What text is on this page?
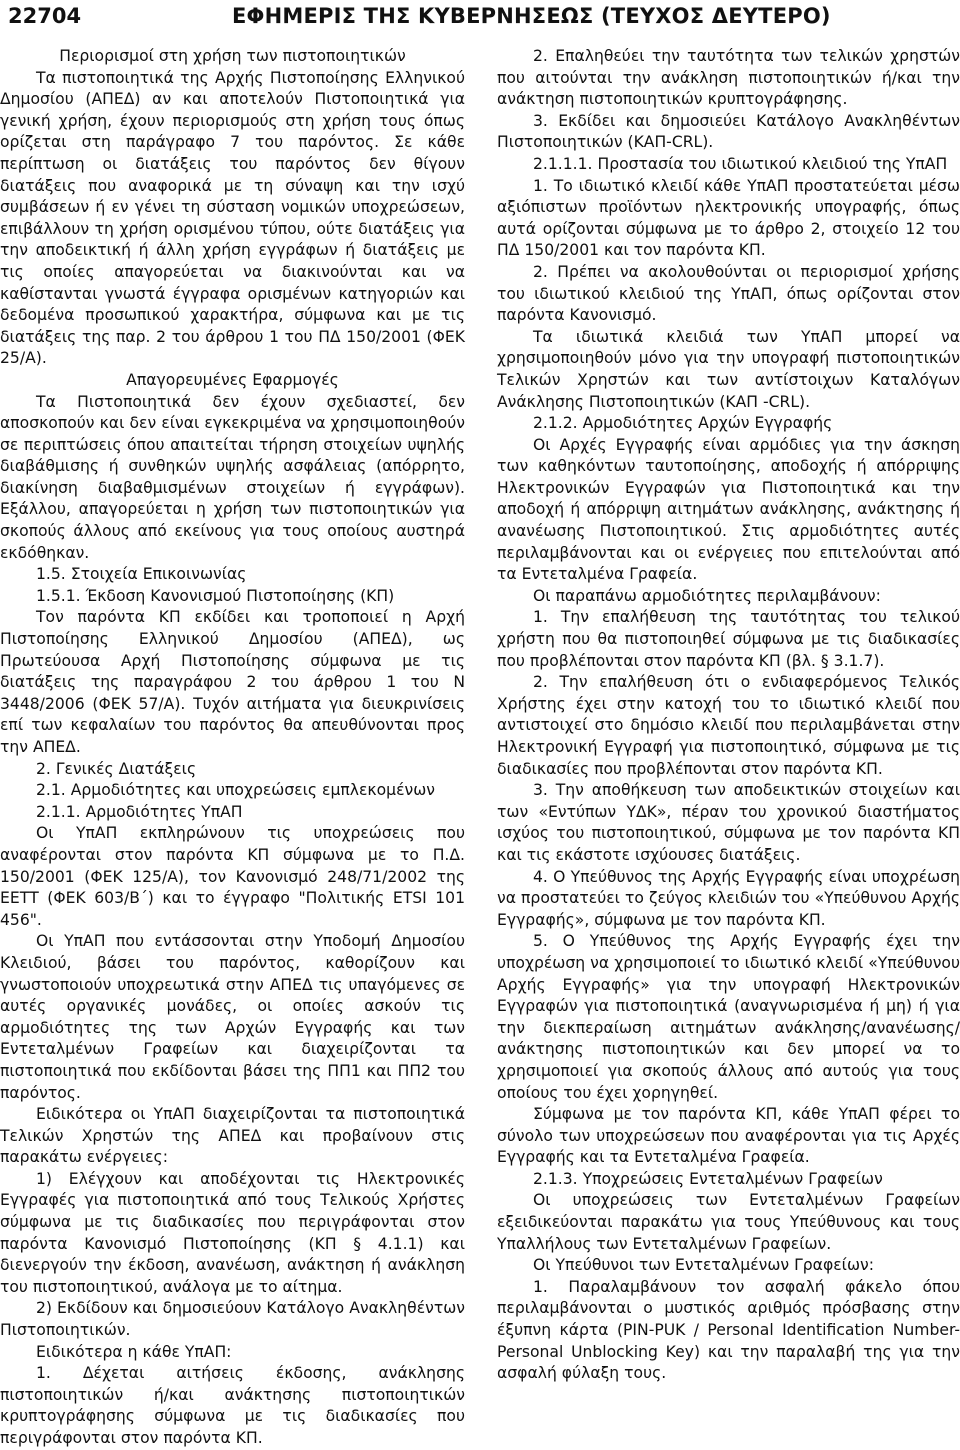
22704	ΕΦΗΜΕΡΙΣ ΤΗΣ ΚΥΒΕΡΝΗΣΕΩΣ (ΤΕΥΧΟΣ ΔΕΥΤΕΡΟ)

Περιορισμοί στη χρήση των πιστοποιητικών

Τα πιστοποιητικά της Αρχής Πιστοποίησης Ελληνικού Δημοσίου (ΑΠΕΔ) αν και αποτελούν Πιστοποιητικά για γενική χρήση, έχουν περιορισμούς στη χρήση τους όπως ορίζεται στη παράγραφο 7 του παρόντος. Σε κάθε περίπτωση οι διατάξεις του παρόντος δεν θίγουν διατάξεις που αναφορικά με τη σύναψη και την ισχύ συμβάσεων ή εν γένει τη σύσταση νομικών υποχρεώσεων, επιβάλλουν τη χρήση ορισμένου τύπου, ούτε διατάξεις για την αποδεικτική ή άλλη χρήση εγγράφων ή διατάξεις με τις οποίες απαγορεύεται να διακινούνται και να καθίστανται γνωστά έγγραφα ορισμένων κατηγοριών και δεδομένα προσωπικού χαρακτήρα, σύμφωνα και με τις διατάξεις της παρ. 2 του άρθρου 1 του ΠΔ 150/2001 (ΦΕΚ 25/Α).

Απαγορευμένες Εφαρμογές

Τα Πιστοποιητικά δεν έχουν σχεδιαστεί, δεν αποσκοπούν και δεν είναι εγκεκριμένα να χρησιμοποιηθούν σε περιπτώσεις όπου απαιτείται τήρηση στοιχείων υψηλής διαβάθμισης ή συνθηκών υψηλής ασφάλειας (απόρρητο, διακίνηση διαβαθμισμένων στοιχείων ή εγγράφων). Εξάλλου, απαγορεύεται η χρήση των πιστοποιητικών για σκοπούς άλλους από εκείνους για τους οποίους αυστηρά εκδόθηκαν.

1.5. Στοιχεία Επικοινωνίας

1.5.1. Έκδοση Κανονισμού Πιστοποίησης (ΚΠ)

Τον παρόντα ΚΠ εκδίδει και τροποποιεί η Αρχή Πιστοποίησης Ελληνικού Δημοσίου (ΑΠΕΔ), ως Πρωτεύουσα Αρχή Πιστοποίησης σύμφωνα με τις διατάξεις της παραγράφου 2 του άρθρου 1 του Ν 3448/2006 (ΦΕΚ 57/Α). Τυχόν αιτήματα για διευκρινίσεις επί των κεφαλαίων του παρόντος θα απευθύνονται προς την ΑΠΕΔ.

2. Γενικές Διατάξεις

2.1. Αρμοδιότητες και υποχρεώσεις εμπλεκομένων

2.1.1. Αρμοδιότητες ΥπΑΠ

Οι ΥπΑΠ εκπληρώνουν τις υποχρεώσεις που αναφέρονται στον παρόντα ΚΠ σύμφωνα με το Π.Δ. 150/2001 (ΦΕΚ 125/Α), τον Κανονισμό 248/71/2002 της ΕΕΤΤ (ΦΕΚ 603/Β΄) και το έγγραφο "Πολιτικής ETSI 101 456".

Οι ΥπΑΠ που εντάσσονται στην Υποδομή Δημοσίου Κλειδιού, βάσει του παρόντος, καθορίζουν και γνωστοποιούν υποχρεωτικά στην ΑΠΕΔ τις υπαγόμενες σε αυτές οργανικές μονάδες, οι οποίες ασκούν τις αρμοδιότητες της των Αρχών Εγγραφής και των Εντεταλμένων Γραφείων και διαχειρίζονται τα πιστοποιητικά που εκδίδονται βάσει της ΠΠ1 και ΠΠ2 του παρόντος.

Ειδικότερα οι ΥπΑΠ διαχειρίζονται τα πιστοποιητικά Τελικών Χρηστών της ΑΠΕΔ και προβαίνουν στις παρακάτω ενέργειες:

1) Ελέγχουν και αποδέχονται τις Ηλεκτρονικές Εγγραφές για πιστοποιητικά από τους Τελικούς Χρήστες σύμφωνα με τις διαδικασίες που περιγράφονται στον παρόντα Κανονισμό Πιστοποίησης (ΚΠ § 4.1.1) και διενεργούν την έκδοση, ανανέωση, ανάκτηση ή ανάκληση του πιστοποιητικού, ανάλογα με το αίτημα.

2) Εκδίδουν και δημοσιεύουν Κατάλογο Ανακληθέντων Πιστοποιητικών.

Ειδικότερα η κάθε ΥπΑΠ:

1. Δέχεται αιτήσεις έκδοσης, ανάκλησης πιστοποιητικών ή/και ανάκτησης πιστοποιητικών κρυπτογράφησης σύμφωνα με τις διαδικασίες που περιγράφονται στον παρόντα ΚΠ.

2. Επαληθεύει την ταυτότητα των τελικών χρηστών που αιτούνται την ανάκληση πιστοποιητικών ή/και την ανάκτηση πιστοποιητικών κρυπτογράφησης.

3. Εκδίδει και δημοσιεύει Κατάλογο Ανακληθέντων Πιστοποιητικών (ΚΑΠ-CRL).

2.1.1.1. Προστασία του ιδιωτικού κλειδιού της ΥπΑΠ

1. Το ιδιωτικό κλειδί κάθε ΥπΑΠ προστατεύεται μέσω αξιόπιστων προϊόντων ηλεκτρονικής υπογραφής, όπως αυτά ορίζονται σύμφωνα με το άρθρο 2, στοιχείο 12 του ΠΔ 150/2001 και τον παρόντα ΚΠ.

2. Πρέπει να ακολουθούνται οι περιορισμοί χρήσης του ιδιωτικού κλειδιού της ΥπΑΠ, όπως ορίζονται στον παρόντα Κανονισμό.

Τα ιδιωτικά κλειδιά των ΥπΑΠ μπορεί να χρησιμοποιηθούν μόνο για την υπογραφή πιστοποιητικών Τελικών Χρηστών και των αντίστοιχων Καταλόγων Ανάκλησης Πιστοποιητικών (ΚΑΠ -CRL).

2.1.2. Αρμοδιότητες Αρχών Εγγραφής

Οι Αρχές Εγγραφής είναι αρμόδιες για την άσκηση των καθηκόντων ταυτοποίησης, αποδοχής ή απόρριψης Ηλεκτρονικών Εγγραφών για Πιστοποιητικά και την αποδοχή ή απόρριψη αιτημάτων ανάκλησης, ανάκτησης ή ανανέωσης Πιστοποιητικού. Στις αρμοδιότητες αυτές περιλαμβάνονται και οι ενέργειες που επιτελούνται από τα Εντεταλμένα Γραφεία.

Οι παραπάνω αρμοδιότητες περιλαμβάνουν:

1. Την επαλήθευση της ταυτότητας του τελικού χρήστη που θα πιστοποιηθεί σύμφωνα με τις διαδικασίες που προβλέπονται στον παρόντα ΚΠ (βλ. § 3.1.7).

2. Την επαλήθευση ότι ο ενδιαφερόμενος Τελικός Χρήστης έχει στην κατοχή του το ιδιωτικό κλειδί που αντιστοιχεί στο δημόσιο κλειδί που περιλαμβάνεται στην Ηλεκτρονική Εγγραφή για πιστοποιητικό, σύμφωνα με τις διαδικασίες που προβλέπονται στον παρόντα ΚΠ.

3. Την αποθήκευση των αποδεικτικών στοιχείων και των «Εντύπων ΥΔΚ», πέραν του χρονικού διαστήματος ισχύος του πιστοποιητικού, σύμφωνα με τον παρόντα ΚΠ και τις εκάστοτε ισχύουσες διατάξεις.

4. Ο Υπεύθυνος της Αρχής Εγγραφής είναι υποχρέωση να προστατεύει το ζεύγος κλειδιών του «Υπεύθυνου Αρχής Εγγραφής», σύμφωνα με τον παρόντα ΚΠ.

5. Ο Υπεύθυνος της Αρχής Εγγραφής έχει την υποχρέωση να χρησιμοποιεί το ιδιωτικό κλειδί «Υπεύθυνου Αρχής Εγγραφής» για την υπογραφή Ηλεκτρονικών Εγγραφών για πιστοποιητικά (αναγνωρισμένα ή μη) ή για την διεκπεραίωση αιτημάτων ανάκλησης/ανανέωσης/ανάκτησης πιστοποιητικών και δεν μπορεί να το χρησιμοποιεί για σκοπούς άλλους από αυτούς για τους οποίους του έχει χορηγηθεί.

Σύμφωνα με τον παρόντα ΚΠ, κάθε ΥπΑΠ φέρει το σύνολο των υποχρεώσεων που αναφέρονται για τις Αρχές Εγγραφής και τα Εντεταλμένα Γραφεία.

2.1.3. Υποχρεώσεις Εντεταλμένων Γραφείων

Οι υποχρεώσεις των Εντεταλμένων Γραφείων εξειδικεύονται παρακάτω για τους Υπεύθυνους και τους Υπαλλήλους των Εντεταλμένων Γραφείων.

Οι Υπεύθυνοι των Εντεταλμένων Γραφείων:

1. Παραλαμβάνουν τον ασφαλή φάκελο όπου περιλαμβάνονται ο μυστικός αριθμός πρόσβασης στην έξυπνη κάρτα (PIN-PUK / Personal Identification Number- Personal Unblocking Key) και την παραλαβή της για την ασφαλή φύλαξη τους.
